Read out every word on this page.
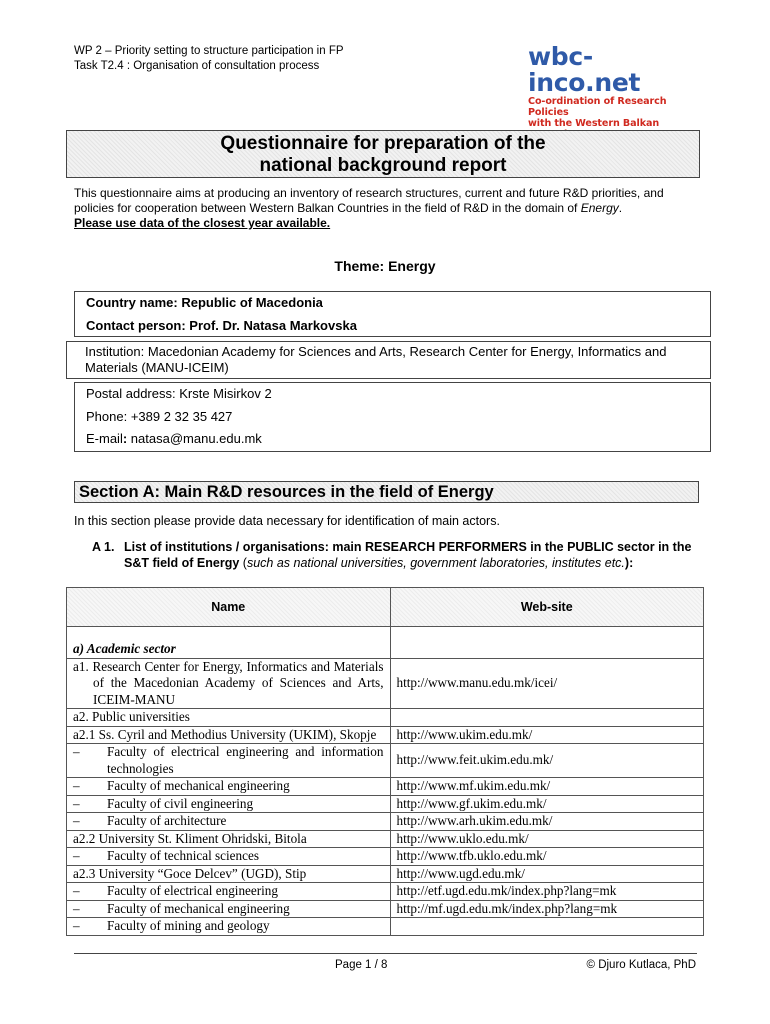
WP 2 – Priority setting to structure participation in FP
Task T2.4 : Organisation of consultation process	wbc-inco.net
Co-ordination of Research Policies
with the Western Balkan
Questionnaire for preparation of the
national background report
This questionnaire aims at producing an inventory of research structures, current and future R&D priorities, and policies for cooperation between Western Balkan Countries in the field of R&D in the domain of Energy.
Please use data of the closest year available.
Theme: Energy
Country name: Republic of Macedonia
Contact person: Prof. Dr. Natasa Markovska
Institution: Macedonian Academy for Sciences and Arts, Research Center for Energy, Informatics and Materials (MANU-ICEIM)
Postal address: Krste Misirkov 2
Phone: +389 2 32 35 427
E-mail: natasa@manu.edu.mk
Section A: Main R&D resources in the field of Energy
In this section please provide data necessary for identification of main actors.
A 1. List of institutions / organisations: main RESEARCH PERFORMERS in the PUBLIC sector in the S&T field of Energy (such as national universities, government laboratories, institutes etc.):
Name	Web-site
a) Academic sector	

a1. Research Center for Energy, Informatics and Materials of the Macedonian Academy of Sciences and Arts, ICEIM-MANU	http://www.manu.edu.mk/icei/
a2. Public universities	

a2.1 Ss. Cyril and Methodius University (UKIM), Skopje	http://www.ukim.edu.mk/

– Faculty of electrical engineering and information technologies	http://www.feit.ukim.edu.mk/
– Faculty of mechanical engineering	http://www.mf.ukim.edu.mk/
– Faculty of civil engineering	http://www.gf.ukim.edu.mk/
– Faculty of architecture	http://www.arh.ukim.edu.mk/
a2.2 University St. Kliment Ohridski, Bitola	http://www.uklo.edu.mk/
– Faculty of technical sciences	http://www.tfb.uklo.edu.mk/
a2.3 University “Goce Delcev” (UGD), Stip	http://www.ugd.edu.mk/
– Faculty of electrical engineering	http://etf.ugd.edu.mk/index.php?lang=mk
– Faculty of mechanical engineering	http://mf.ugd.edu.mk/index.php?lang=mk
– Faculty of mining and geology	
Page 1 / 8	© Djuro Kutlaca, PhD
